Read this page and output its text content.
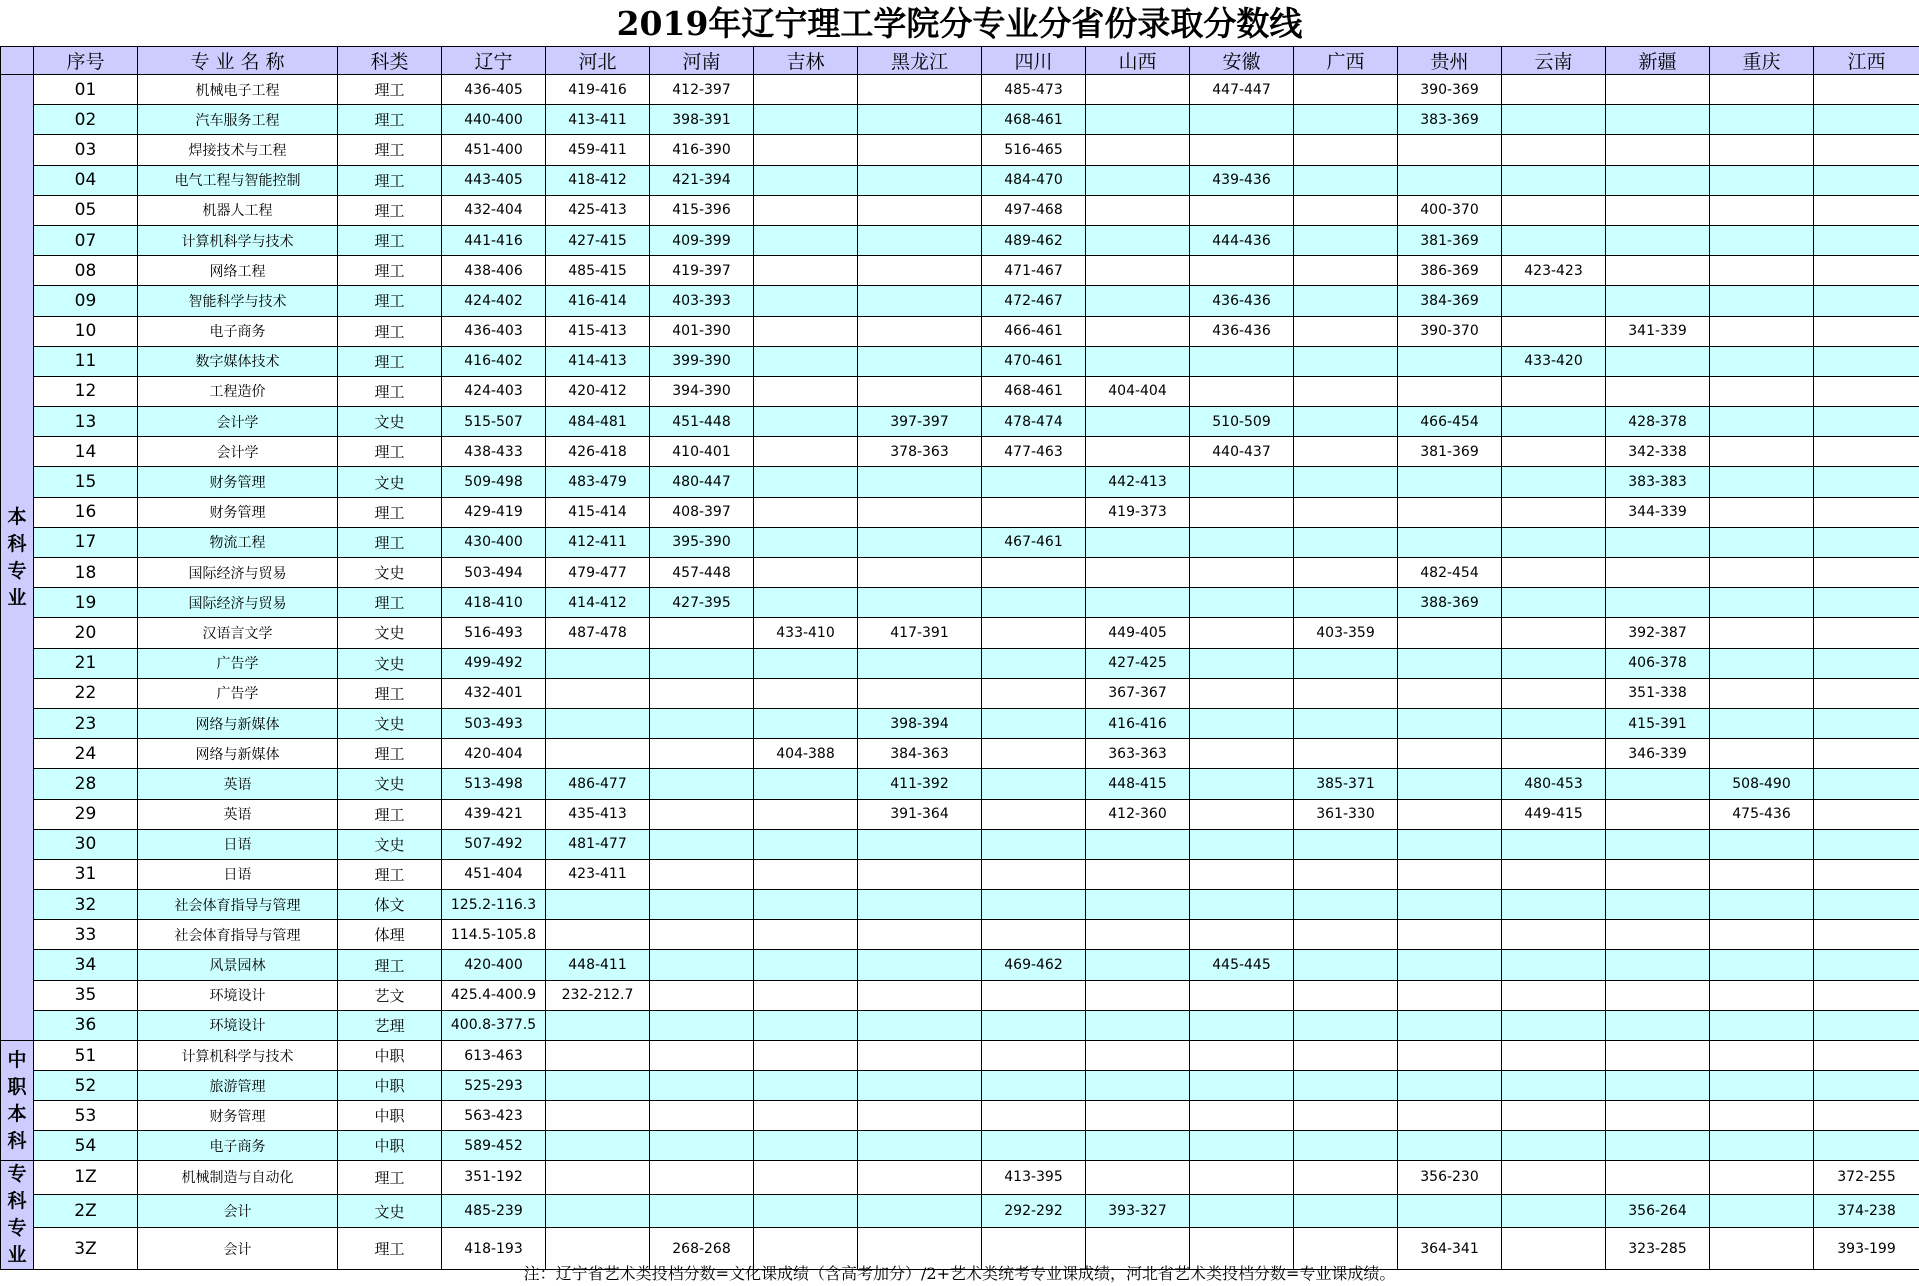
2019年辽宁理工学院分专业分省份录取分数线
	序号	专 业 名 称	科类	辽宁	河北	河南	吉林	黑龙江	四川	山西	安徽	广西	贵州	云南	新疆	重庆	江西
本科专业	01	机械电子工程	理工	436-405	419-416	412-397			485-473		447-447		390-369				
	02	汽车服务工程	理工	440-400	413-411	398-391			468-461				383-369				
	03	焊接技术与工程	理工	451-400	459-411	416-390			516-465								
	04	电气工程与智能控制	理工	443-405	418-412	421-394			484-470		439-436						
	05	机器人工程	理工	432-404	425-413	415-396			497-468				400-370				
	07	计算机科学与技术	理工	441-416	427-415	409-399			489-462		444-436		381-369				
	08	网络工程	理工	438-406	485-415	419-397			471-467				386-369	423-423			
	09	智能科学与技术	理工	424-402	416-414	403-393			472-467		436-436		384-369				
	10	电子商务	理工	436-403	415-413	401-390			466-461		436-436		390-370		341-339		
	11	数字媒体技术	理工	416-402	414-413	399-390			470-461					433-420			
	12	工程造价	理工	424-403	420-412	394-390			468-461	404-404							
	13	会计学	文史	515-507	484-481	451-448		397-397	478-474		510-509		466-454		428-378		
	14	会计学	理工	438-433	426-418	410-401		378-363	477-463		440-437		381-369		342-338		
	15	财务管理	文史	509-498	483-479	480-447				442-413					383-383		
	16	财务管理	理工	429-419	415-414	408-397				419-373					344-339		
	17	物流工程	理工	430-400	412-411	395-390			467-461								
	18	国际经济与贸易	文史	503-494	479-477	457-448							482-454				
	19	国际经济与贸易	理工	418-410	414-412	427-395							388-369				
	20	汉语言文学	文史	516-493	487-478		433-410	417-391		449-405		403-359			392-387		
	21	广告学	文史	499-492						427-425					406-378		
	22	广告学	理工	432-401						367-367					351-338		
	23	网络与新媒体	文史	503-493				398-394		416-416					415-391		
	24	网络与新媒体	理工	420-404			404-388	384-363		363-363					346-339		
	28	英语	文史	513-498	486-477			411-392		448-415		385-371		480-453		508-490	
	29	英语	理工	439-421	435-413			391-364		412-360		361-330		449-415		475-436	
	30	日语	文史	507-492	481-477												
	31	日语	理工	451-404	423-411												
	32	社会体育指导与管理	体文	125.2-116.3													
	33	社会体育指导与管理	体理	114.5-105.8													
	34	风景园林	理工	420-400	448-411				469-462		445-445						
	35	环境设计	艺文	425.4-400.9	232-212.7												
	36	环境设计	艺理	400.8-377.5													
中职本科	51	计算机科学与技术	中职	613-463													
	52	旅游管理	中职	525-293													
	53	财务管理	中职	563-423													
	54	电子商务	中职	589-452													
专科专业	1Z	机械制造与自动化	理工	351-192					413-395				356-230				372-255
	2Z	会计	文史	485-239					292-292	393-327					356-264		374-238
	3Z	会计	理工	418-193		268-268							364-341		323-285		393-199
注：辽宁省艺术类投档分数=文化课成绩（含高考加分）/2+艺术类统考专业课成绩，河北省艺术类投档分数=专业课成绩。
